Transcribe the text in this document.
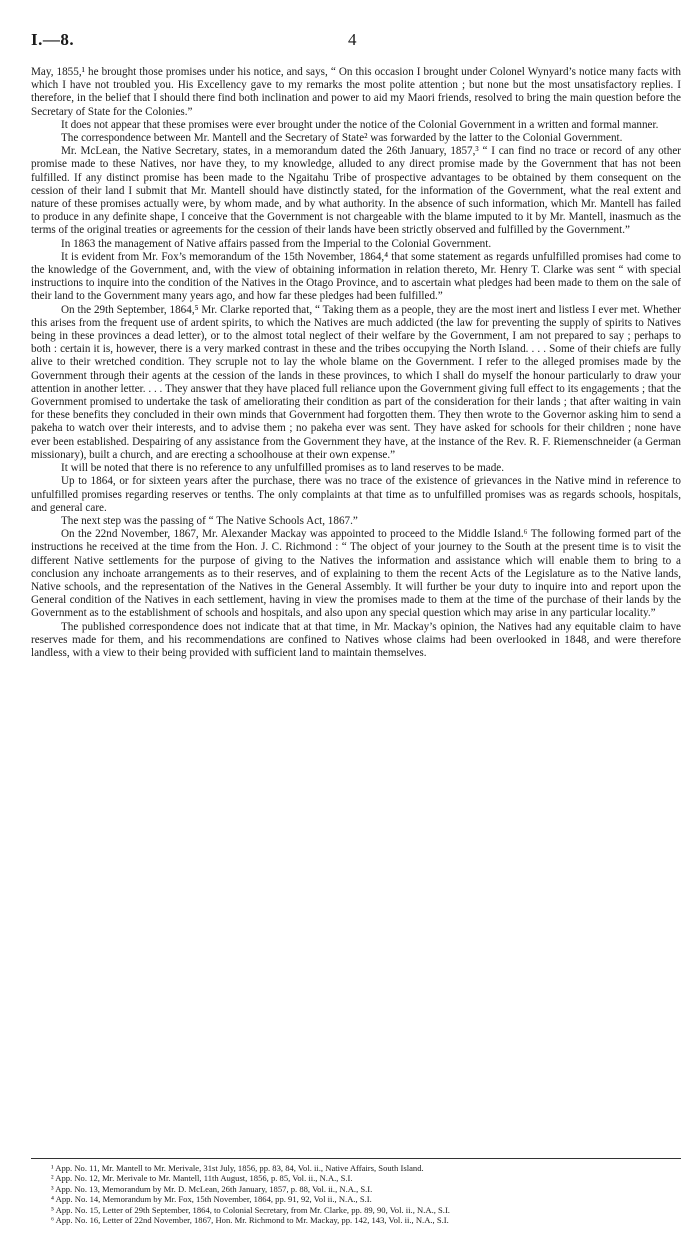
I.—8.	4

May, 1855,¹ he brought those promises under his notice, and says, “ On this occasion I brought under Colonel Wynyard’s notice many facts with which I have not troubled you. His Excellency gave to my remarks the most polite attention ; but none but the most unsatisfactory replies. I therefore, in the belief that I should there find both inclination and power to aid my Maori friends, resolved to bring the main question before the Secretary of State for the Colonies.”

It does not appear that these promises were ever brought under the notice of the Colonial Government in a written and formal manner.

The correspondence between Mr. Mantell and the Secretary of State² was forwarded by the latter to the Colonial Government.

Mr. McLean, the Native Secretary, states, in a memorandum dated the 26th January, 1857,³ “ I can find no trace or record of any other promise made to these Natives, nor have they, to my knowledge, alluded to any direct promise made by the Government that has not been fulfilled. If any distinct promise has been made to the Ngaitahu Tribe of prospective advantages to be obtained by them consequent on the cession of their land I submit that Mr. Mantell should have distinctly stated, for the information of the Government, what the real extent and nature of these promises actually were, by whom made, and by what authority. In the absence of such information, which Mr. Mantell has failed to produce in any definite shape, I conceive that the Government is not chargeable with the blame imputed to it by Mr. Mantell, inasmuch as the terms of the original treaties or agreements for the cession of their lands have been strictly observed and fulfilled by the Government.”

In 1863 the management of Native affairs passed from the Imperial to the Colonial Government.

It is evident from Mr. Fox’s memorandum of the 15th November, 1864,⁴ that some statement as regards unfulfilled promises had come to the knowledge of the Government, and, with the view of obtaining information in relation thereto, Mr. Henry T. Clarke was sent “ with special instructions to inquire into the condition of the Natives in the Otago Province, and to ascertain what pledges had been made to them on the sale of their land to the Government many years ago, and how far these pledges had been fulfilled.”

On the 29th September, 1864,⁵ Mr. Clarke reported that, “ Taking them as a people, they are the most inert and listless I ever met. Whether this arises from the frequent use of ardent spirits, to which the Natives are much addicted (the law for preventing the supply of spirits to Natives being in these provinces a dead letter), or to the almost total neglect of their welfare by the Government, I am not prepared to say ; perhaps to both : certain it is, however, there is a very marked contrast in these and the tribes occupying the North Island. . . . Some of their chiefs are fully alive to their wretched condition. They scruple not to lay the whole blame on the Government. I refer to the alleged promises made by the Government through their agents at the cession of the lands in these provinces, to which I shall do myself the honour particularly to draw your attention in another letter. . . . They answer that they have placed full reliance upon the Government giving full effect to its engagements ; that the Government promised to undertake the task of ameliorating their condition as part of the consideration for their lands ; that after waiting in vain for these benefits they concluded in their own minds that Government had forgotten them. They then wrote to the Governor asking him to send a pakeha to watch over their interests, and to advise them ; no pakeha ever was sent. They have asked for schools for their children ; none have ever been established. Despairing of any assistance from the Government they have, at the instance of the Rev. R. F. Riemenschneider (a German missionary), built a church, and are erecting a schoolhouse at their own expense.”

It will be noted that there is no reference to any unfulfilled promises as to land reserves to be made.

Up to 1864, or for sixteen years after the purchase, there was no trace of the existence of grievances in the Native mind in reference to unfulfilled promises regarding reserves or tenths. The only complaints at that time as to unfulfilled promises was as regards schools, hospitals, and general care.

The next step was the passing of “ The Native Schools Act, 1867.”

On the 22nd November, 1867, Mr. Alexander Mackay was appointed to proceed to the Middle Island.⁶ The following formed part of the instructions he received at the time from the Hon. J. C. Richmond : “ The object of your journey to the South at the present time is to visit the different Native settlements for the purpose of giving to the Natives the information and assistance which will enable them to bring to a conclusion any inchoate arrangements as to their reserves, and of explaining to them the recent Acts of the Legislature as to the Native lands, Native schools, and the representation of the Natives in the General Assembly. It will further be your duty to inquire into and report upon the General condition of the Natives in each settlement, having in view the promises made to them at the time of the purchase of their lands by the Government as to the establishment of schools and hospitals, and also upon any special question which may arise in any particular locality.”

The published correspondence does not indicate that at that time, in Mr. Mackay’s opinion, the Natives had any equitable claim to have reserves made for them, and his recommendations are confined to Natives whose claims had been overlooked in 1848, and were therefore landless, with a view to their being provided with sufficient land to maintain themselves.

¹ App. No. 11, Mr. Mantell to Mr. Merivale, 31st July, 1856, pp. 83, 84, Vol. ii., Native Affairs, South Island.

² App. No. 12, Mr. Merivale to Mr. Mantell, 11th August, 1856, p. 85, Vol. ii., N.A., S.I.

³ App. No. 13, Memorandum by Mr. D. McLean, 26th January, 1857, p. 88, Vol. ii., N.A., S.I.

⁴ App. No. 14, Memorandum by Mr. Fox, 15th November, 1864, pp. 91, 92, Vol ii., N.A., S.I.

⁵ App. No. 15, Letter of 29th September, 1864, to Colonial Secretary, from Mr. Clarke, pp. 89, 90, Vol. ii., N.A., S.I.

⁶ App. No. 16, Letter of 22nd November, 1867, Hon. Mr. Richmond to Mr. Mackay, pp. 142, 143, Vol. ii., N.A., S.I.
